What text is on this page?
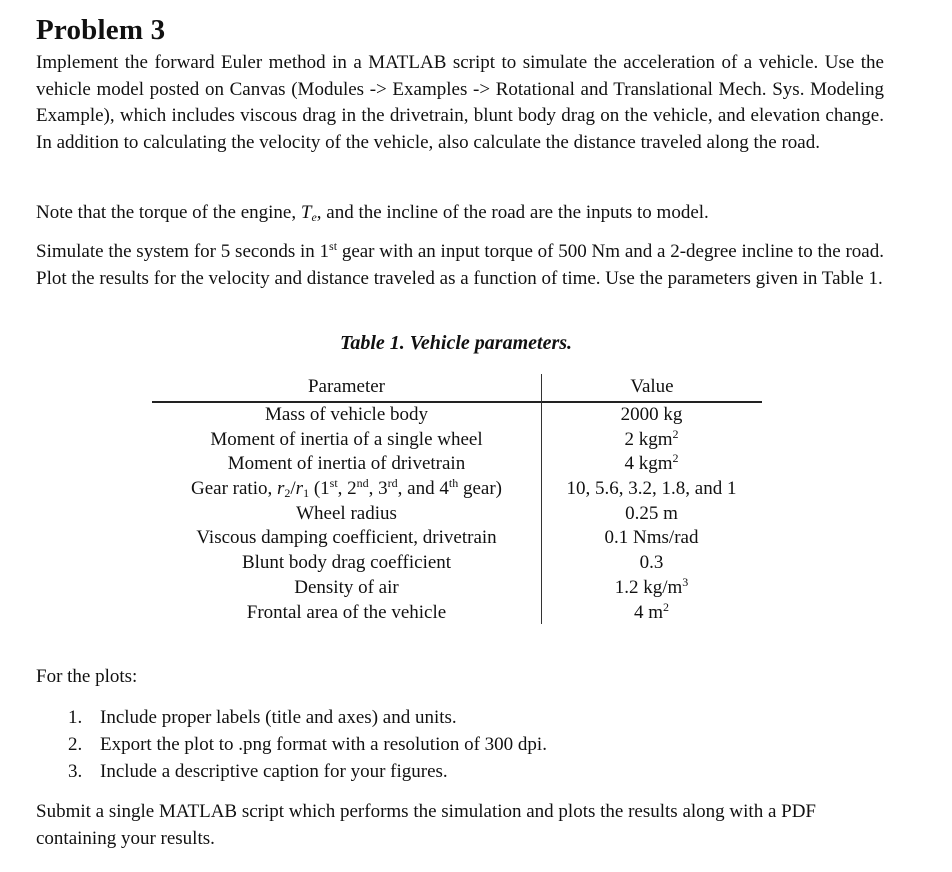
Problem 3

Implement the forward Euler method in a MATLAB script to simulate the acceleration of a vehicle. Use the vehicle model posted on Canvas (Modules -> Examples -> Rotational and Translational Mech. Sys. Modeling Example), which includes viscous drag in the drivetrain, blunt body drag on the vehicle, and elevation change. In addition to calculating the velocity of the vehicle, also calculate the distance traveled along the road.

Note that the torque of the engine, $T_e$, and the incline of the road are the inputs to model.

Simulate the system for 5 seconds in 1st gear with an input torque of 500 Nm and a 2-degree incline to the road. Plot the results for the velocity and distance traveled as a function of time. Use the parameters given in Table 1.

Table 1. Vehicle parameters.
Parameter	Value
Mass of vehicle body	2000 kg
Moment of inertia of a single wheel	2 kgm$^2$
Moment of inertia of drivetrain	4 kgm$^2$
Gear ratio, $r_2/r_1$ (1st, 2nd, 3rd, and 4th gear)	10, 5.6, 3.2, 1.8, and 1
Wheel radius	0.25 m
Viscous damping coefficient, drivetrain	0.1 Nms/rad
Blunt body drag coefficient	0.3
Density of air	1.2 $kg/m^3$
Frontal area of the vehicle	4 $m^2$

For the plots:

1. Include proper labels (title and axes) and units.
2. Export the plot to .png format with a resolution of 300 dpi.
3. Include a descriptive caption for your figures.

Submit a single MATLAB script which performs the simulation and plots the results along with a PDF containing your results.
